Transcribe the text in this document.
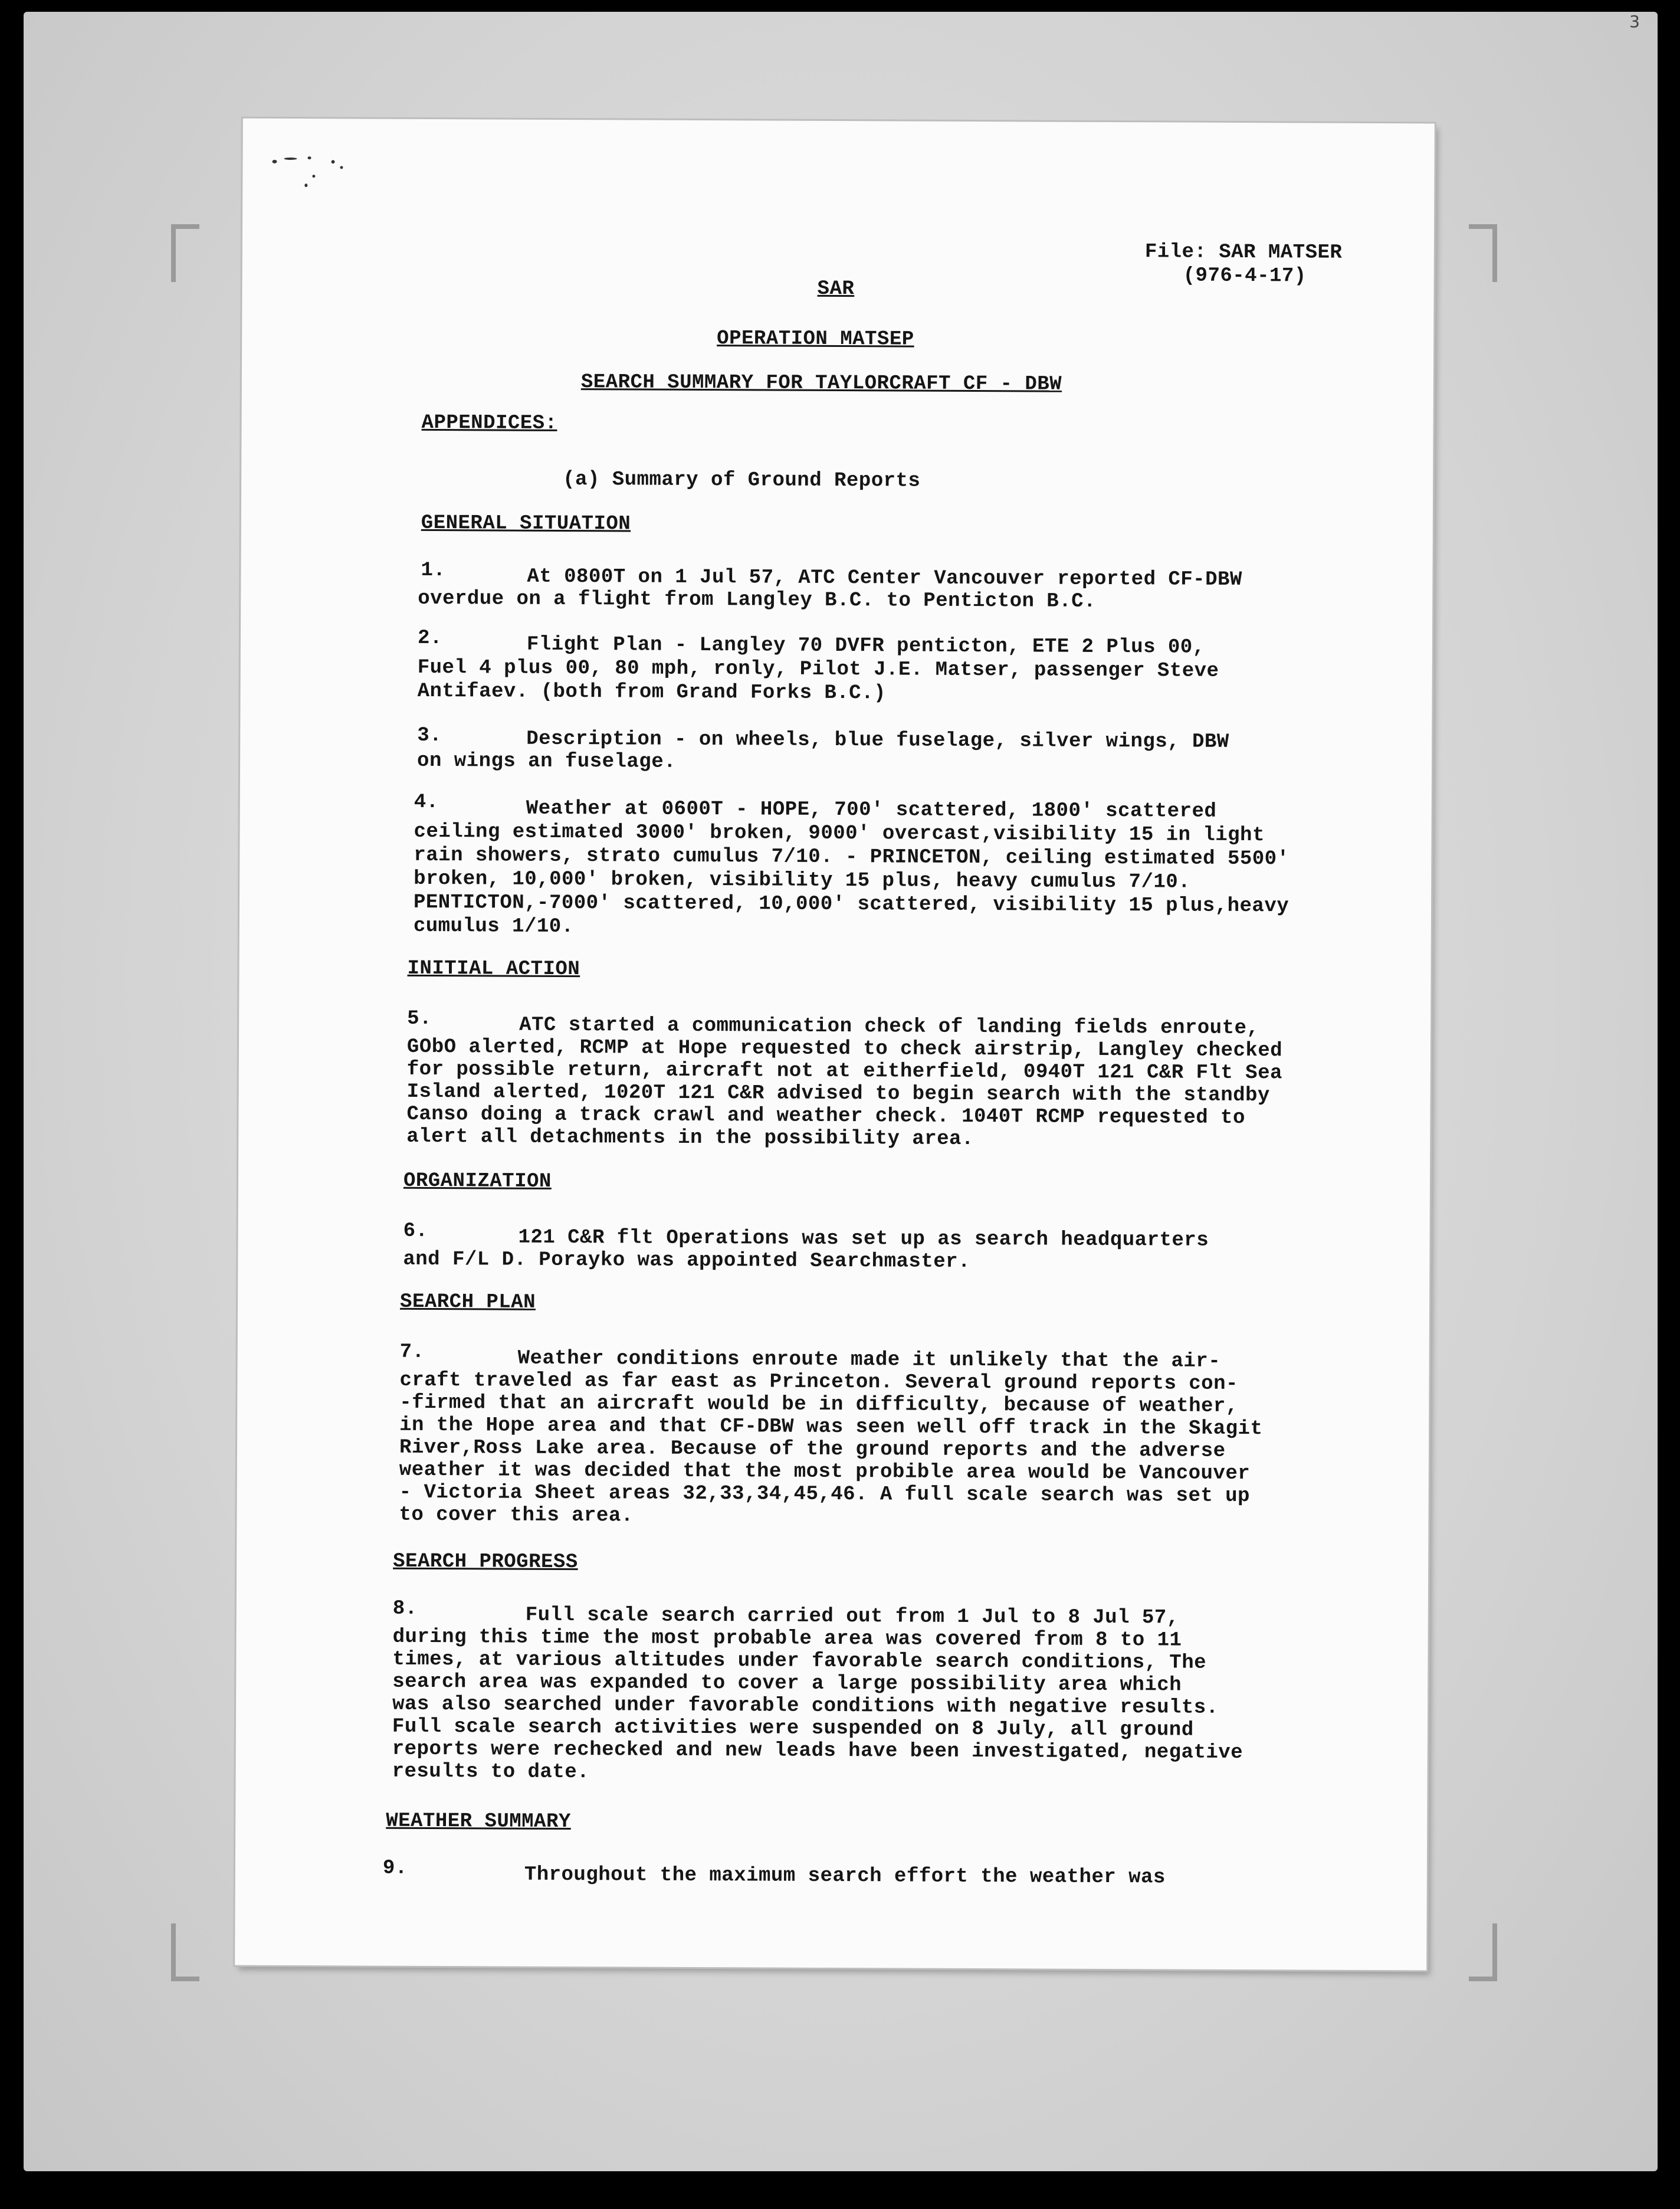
3
File: SAR MATSER
(976-4-17)
SAR
OPERATION MATSEP
SEARCH SUMMARY FOR TAYLORCRAFT CF - DBW
APPENDICES:
(a) Summary of Ground Reports
GENERAL SITUATION
1.	At 0800T on 1 Jul 57, ATC Center Vancouver reported CF-DBW
overdue on a flight from Langley B.C. to Penticton B.C.
2.	Flight Plan - Langley 70 DVFR penticton, ETE 2 Plus 00,
Fuel 4 plus 00, 80 mph, ronly, Pilot J.E. Matser, passenger Steve
Antifaev. (both from Grand Forks B.C.)
3.	Description - on wheels, blue fuselage, silver wings, DBW
on wings an fuselage.
4.	Weather at 0600T - HOPE, 700' scattered, 1800' scattered
ceiling estimated 3000' broken, 9000' overcast,visibility 15 in light
rain showers, strato cumulus 7/10. - PRINCETON, ceiling estimated 5500'
broken, 10,000' broken, visibility 15 plus, heavy cumulus 7/10.
PENTICTON,-7000' scattered, 10,000' scattered, visibility 15 plus,heavy
cumulus 1/10.
INITIAL ACTION
5.	ATC started a communication check of landing fields enroute,
GObO alerted, RCMP at Hope requested to check airstrip, Langley checked
for possible return, aircraft not at eitherfield, 0940T 121 C&R Flt Sea
Island alerted, 1020T 121 C&R advised to begin search with the standby
Canso doing a track crawl and weather check. 1040T RCMP requested to
alert all detachments in the possibility area.
ORGANIZATION
6.	121 C&R flt Operations was set up as search headquarters
and F/L D. Porayko was appointed Searchmaster.
SEARCH PLAN
7.	Weather conditions enroute made it unlikely that the air-
craft traveled as far east as Princeton. Several ground reports con-
-firmed that an aircraft would be in difficulty, because of weather,
in the Hope area and that CF-DBW was seen well off track in the Skagit
River,Ross Lake area. Because of the ground reports and the adverse
weather it was decided that the most probible area would be Vancouver
- Victoria Sheet areas 32,33,34,45,46. A full scale search was set up
to cover this area.
SEARCH PROGRESS
8.	Full scale search carried out from 1 Jul to 8 Jul 57,
during this time the most probable area was covered from 8 to 11
times, at various altitudes under favorable search conditions, The
search area was expanded to cover a large possibility area which
was also searched under favorable conditions with negative results.
Full scale search activities were suspended on 8 July, all ground
reports were rechecked and new leads have been investigated, negative
results to date.
WEATHER SUMMARY
9.	Throughout the maximum search effort the weather was
